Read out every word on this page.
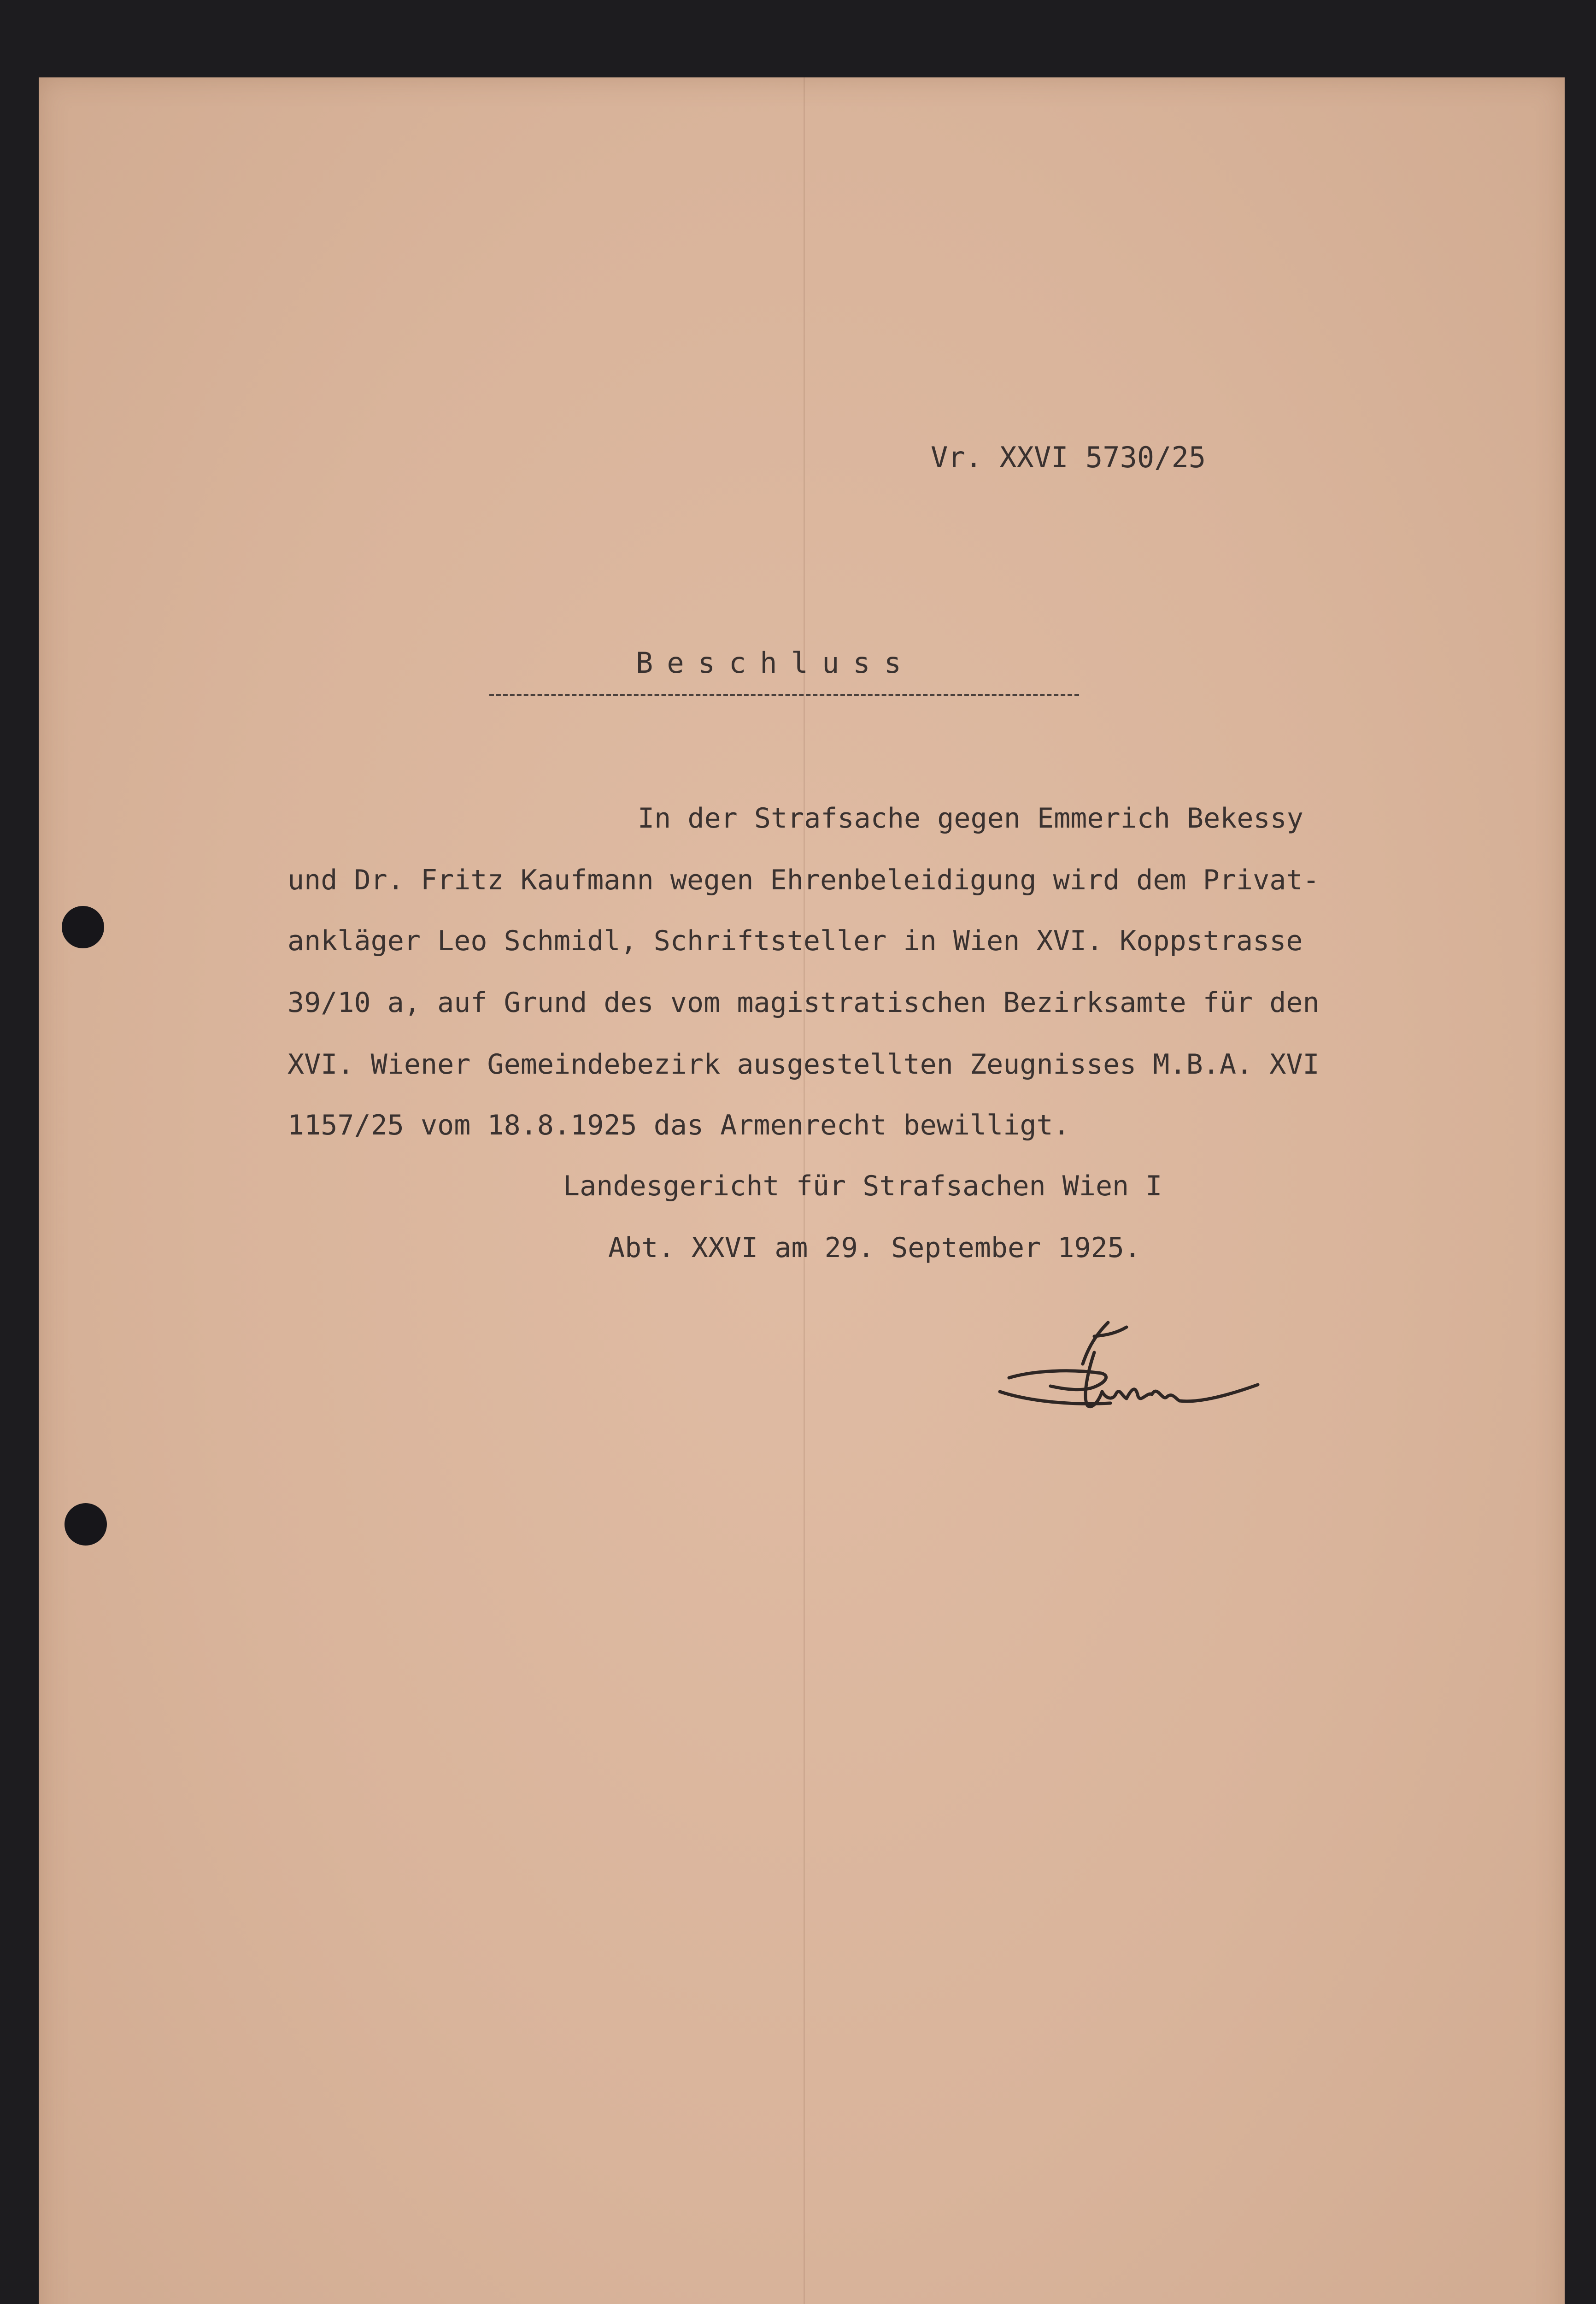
Vr. XXVI 5730/25

Beschluss

In der Strafsache gegen Emmerich Bekessy

und Dr. Fritz Kaufmann wegen Ehrenbeleidigung wird dem Privat-

ankläger Leo Schmidl, Schriftsteller in Wien XVI. Koppstrasse

39/10 a, auf Grund des vom magistratischen Bezirksamte für den

XVI. Wiener Gemeindebezirk ausgestellten Zeugnisses M.B.A. XVI

1157/25 vom 18.8.1925 das Armenrecht bewilligt.

Landesgericht für Strafsachen Wien I

Abt. XXVI am 29. September 1925.
